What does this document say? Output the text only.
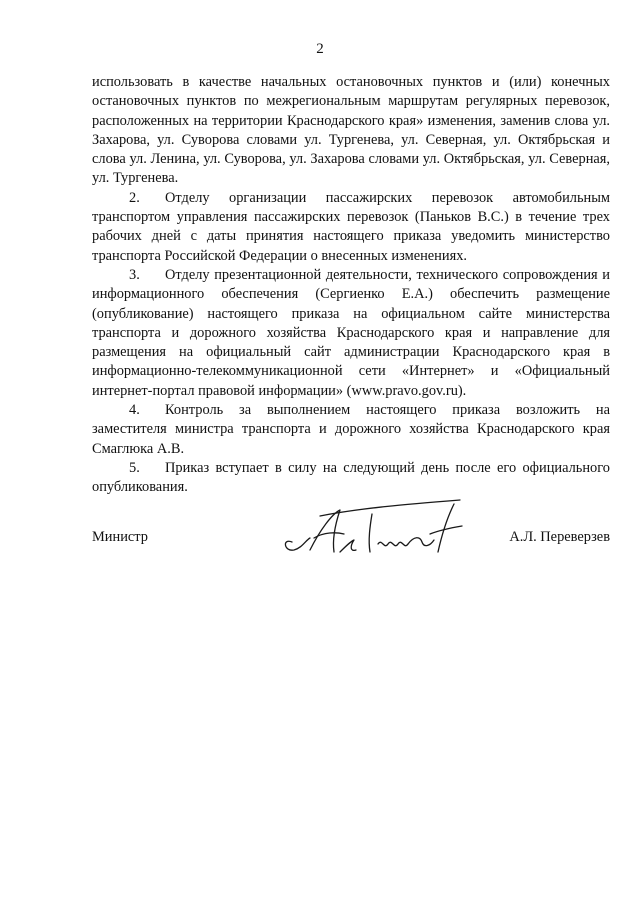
2

использовать в качестве начальных остановочных пунктов и (или) конечных остановочных пунктов по межрегиональным маршрутам регулярных перевозок, расположенных на территории Краснодарского края» изменения, заменив слова ул. Захарова, ул. Суворова словами ул. Тургенева, ул. Северная, ул. Октябрьская и слова ул. Ленина, ул. Суворова, ул. Захарова словами ул. Октябрьская, ул. Северная, ул. Тургенева.

2. Отделу организации пассажирских перевозок автомобильным транспортом управления пассажирских перевозок (Паньков В.С.) в течение трех рабочих дней с даты принятия настоящего приказа уведомить министерство транспорта Российской Федерации о внесенных изменениях.

3. Отделу презентационной деятельности, технического сопровождения и информационного обеспечения (Сергиенко Е.А.) обеспечить размещение (опубликование) настоящего приказа на официальном сайте министерства транспорта и дорожного хозяйства Краснодарского края и направление для размещения на официальный сайт администрации Краснодарского края в информационно-телекоммуникационной сети «Интернет» и «Официальный интернет-портал правовой информации» (www.pravo.gov.ru).

4. Контроль за выполнением настоящего приказа возложить на заместителя министра транспорта и дорожного хозяйства Краснодарского края Смаглюка А.В.

5. Приказ вступает в силу на следующий день после его официального опубликования.

Министр	А.Л. Переверзев
